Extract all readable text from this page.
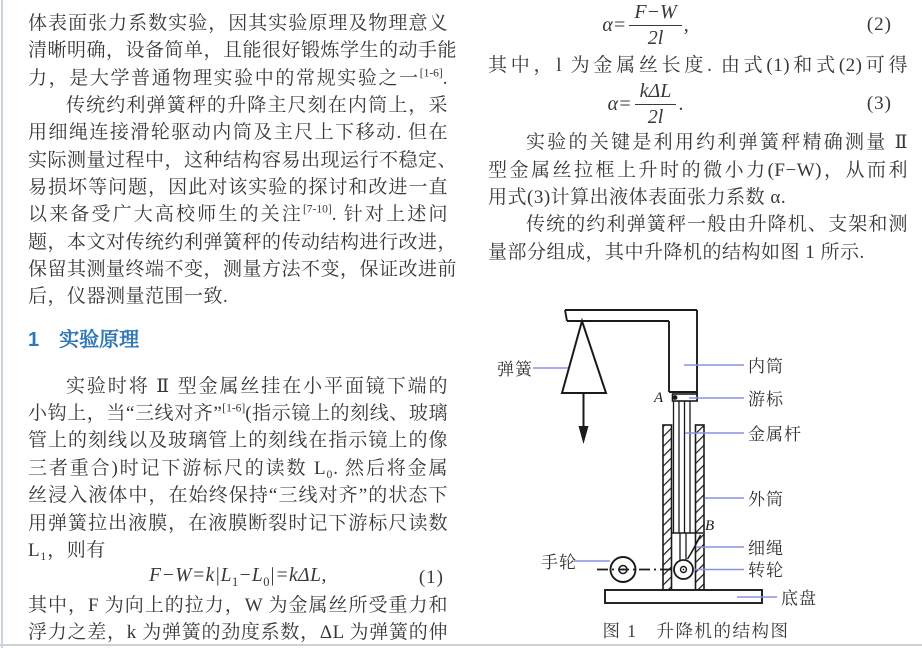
体表面张力系数实验，因其实验原理及物理意义
清晰明确，设备简单，且能很好锻炼学生的动手能
力，是大学普通物理实验中的常规实验之一[1-6].
传统约利弹簧秤的升降主尺刻在内筒上，采
用细绳连接滑轮驱动内筒及主尺上下移动. 但在
实际测量过程中，这种结构容易出现运行不稳定、
易损坏等问题，因此对该实验的探讨和改进一直
以来备受广大高校师生的关注[7-10]. 针对上述问
题，本文对传统约利弹簧秤的传动结构进行改进，
保留其测量终端不变，测量方法不变，保证改进前
后，仪器测量范围一致.
1 实验原理
实验时将 Ⅱ 型金属丝挂在小平面镜下端的
小钩上，当“三线对齐”[1-6](指示镜上的刻线、玻璃
管上的刻线以及玻璃管上的刻线在指示镜上的像
三者重合)时记下游标尺的读数 L₀. 然后将金属
丝浸入液体中，在始终保持“三线对齐”的状态下
用弹簧拉出液膜，在液膜断裂时记下游标尺读数
L₁，则有
$F-W=k|L_1-L_0|=k\Delta L$,	(1)
其中，F 为向上的拉力，W 为金属丝所受重力和
浮力之差，k 为弹簧的劲度系数，ΔL 为弹簧的伸
$\alpha= \frac{F-W}{2l}$ ,	(2)
其中，l 为金属丝长度. 由式(1)和式(2)可得
$\alpha= \frac{\text{kΔL}}{2l}$ .	(3)
实验的关键是利用约利弹簧秤精确测量 Ⅱ
型金属丝拉框上升时的微小力(F−W)，从而利
用式(3)计算出液体表面张力系数 α.
传统的约利弹簧秤一般由升降机、支架和测
量部分组成，其中升降机的结构如图 1 所示.
弹簧
手轮
内筒
游标
金属杆
外筒
细绳
转轮
底盘
A
B
图 1　升降机的结构图
